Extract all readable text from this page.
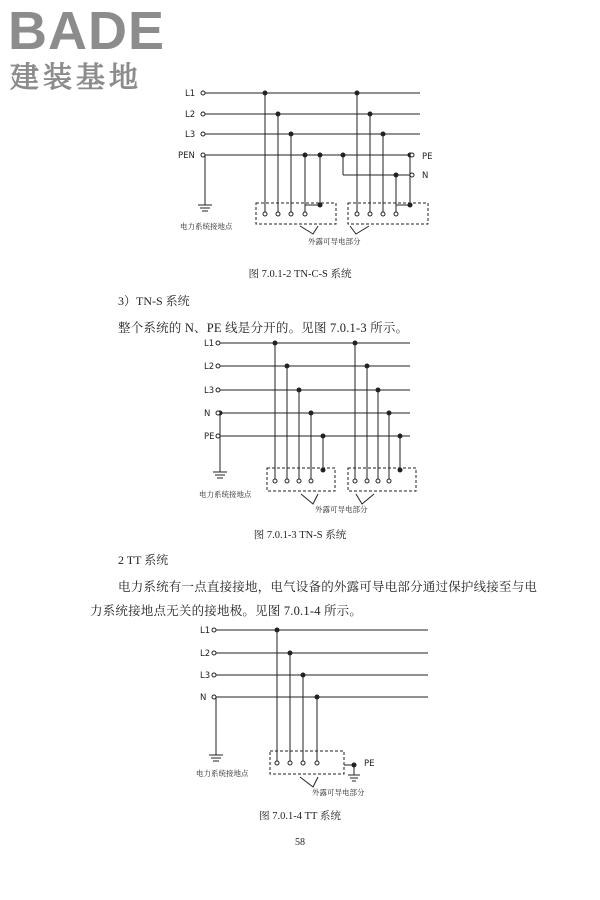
BADE
建装基地	L1
L2
L3
PEN	PE
N
电力系统接地点
外露可导电部分
图 7.0.1-2 TN-C-S 系统
3）TN-S 系统
整个系统的 N、PE 线是分开的。见图 7.0.1-3 所示。
L1
L2
L3
N
PE
电力系统接地点
外露可导电部分
图 7.0.1-3 TN-S 系统
2 TT 系统
电力系统有一点直接接地，电气设备的外露可导电部分通过保护线接至与电
力系统接地点无关的接地极。见图 7.0.1-4 所示。
L1
L2
L3
N
PE
电力系统接地点
外露可导电部分
图 7.0.1-4 TT 系统
58
